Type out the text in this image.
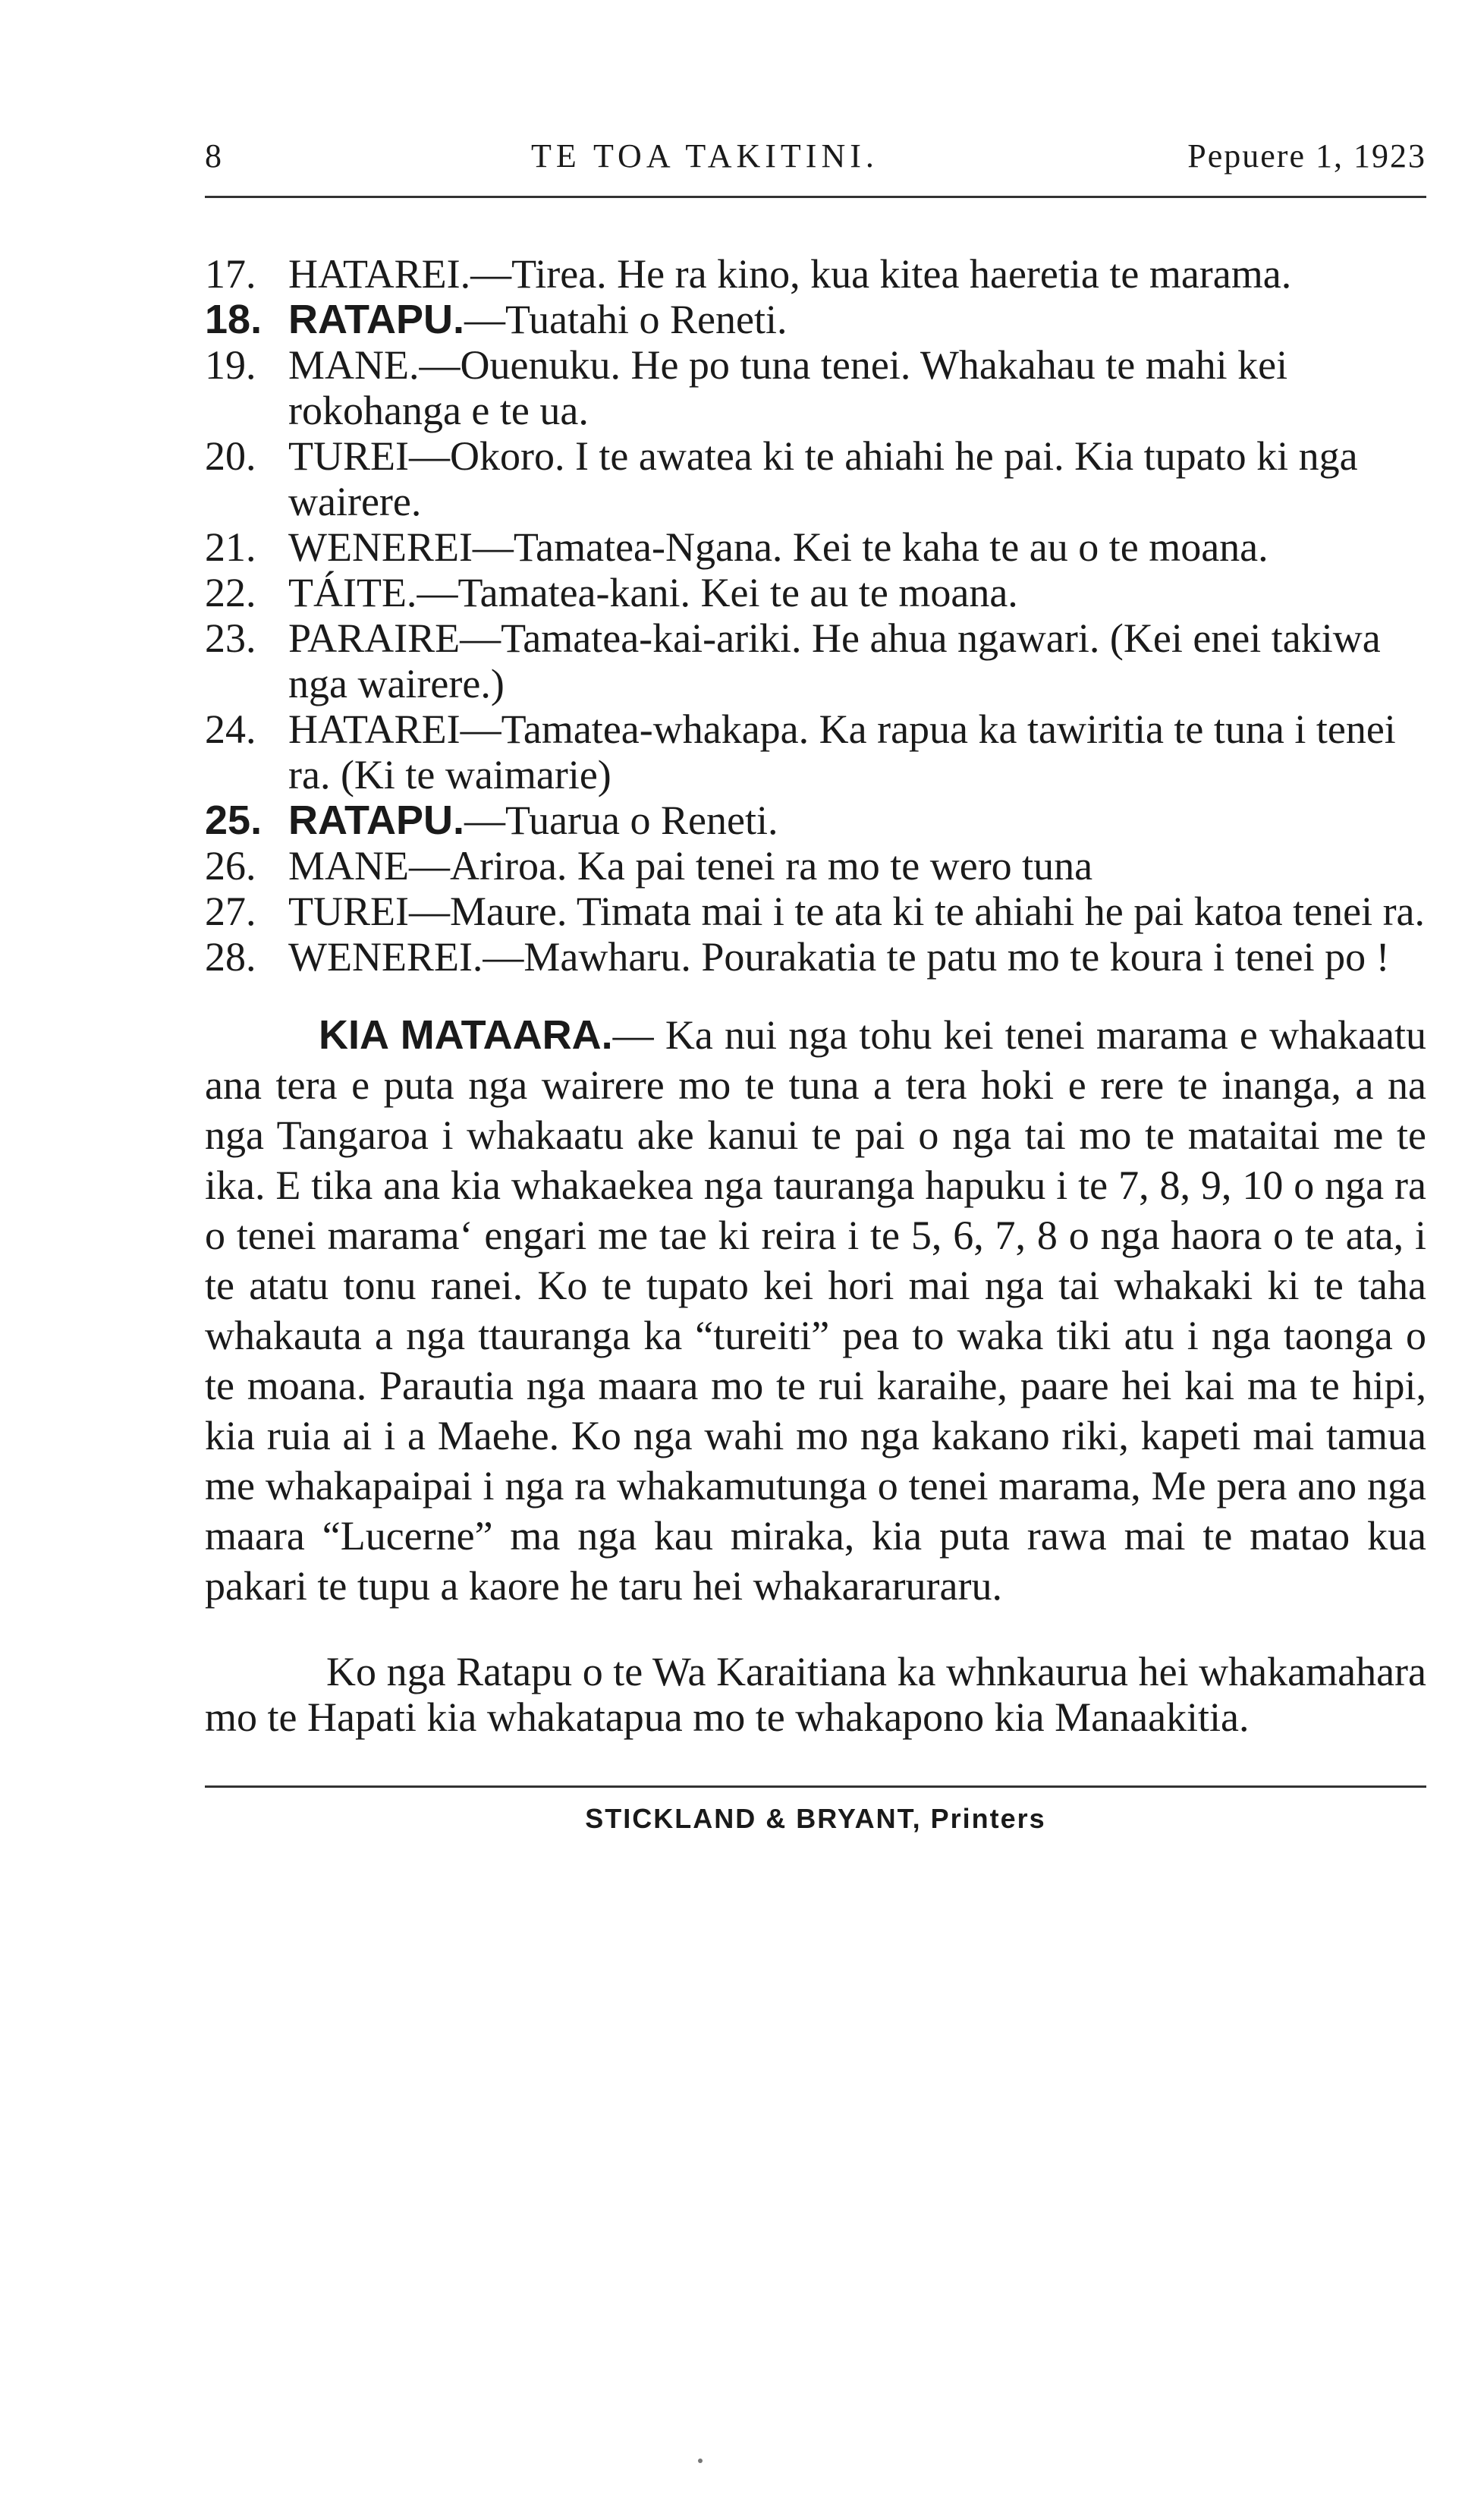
8	TE TOA TAKITINI.	Pepuere 1, 1923
17. HATAREI.—Tirea. He ra kino, kua kitea haeretia te marama.
18. RATAPU.—Tuatahi o Reneti.
19. MANE.—Ouenuku. He po tuna tenei. Whakahau te mahi kei rokohanga e te ua.
20. TUREI—Okoro. I te awatea ki te ahiahi he pai. Kia tupato ki nga wairere.
21. WENEREI—Tamatea-Ngana. Kei te kaha te au o te moana.
22. TÁITE.—Tamatea-kani. Kei te au te moana.
23. PARAIRE—Tamatea-kai-ariki. He ahua ngawari. (Kei enei takiwa nga wairere.)
24. HATAREI—Tamatea-whakapa. Ka rapua ka tawiritia te tuna i tenei ra. (Ki te waimarie)
25. RATAPU.—Tuarua o Reneti.
26. MANE—Ariroa. Ka pai tenei ra mo te wero tuna
27. TUREI—Maure. Timata mai i te ata ki te ahiahi he pai katoa tenei ra.
28. WENEREI.—Mawharu. Pourakatia te patu mo te koura i tenei po !
KIA MATAARA.— Ka nui nga tohu kei tenei marama e whakaatu ana tera e puta nga wairere mo te tuna a tera hoki e rere te inanga, a na nga Tangaroa i whakaatu ake kanui te pai o nga tai mo te mataitai me te ika. E tika ana kia whakaekea nga tauranga hapuku i te 7, 8, 9, 10 o nga ra o tenei marama‘ engari me tae ki reira i te 5, 6, 7, 8 o nga haora o te ata, i te atatu tonu ranei. Ko te tupato kei hori mai nga tai whakaki ki te taha whakauta a nga ttauranga ka “tureiti” pea to waka tiki atu i nga taonga o te moana. Parautia nga maara mo te rui karaihe, paare hei kai ma te hipi, kia ruia ai i a Maehe. Ko nga wahi mo nga kakano riki, kapeti mai tamua me whakapaipai i nga ra whakamutunga o tenei marama, Me pera ano nga maara “Lucerne” ma nga kau miraka, kia puta rawa mai te matao kua pakari te tupu a kaore he taru hei whakararuraru.
Ko nga Ratapu o te Wa Karaitiana ka whnkaurua hei whakamahara mo te Hapati kia whakatapua mo te whakapono kia Manaakitia.
STICKLAND & BRYANT, Printers
